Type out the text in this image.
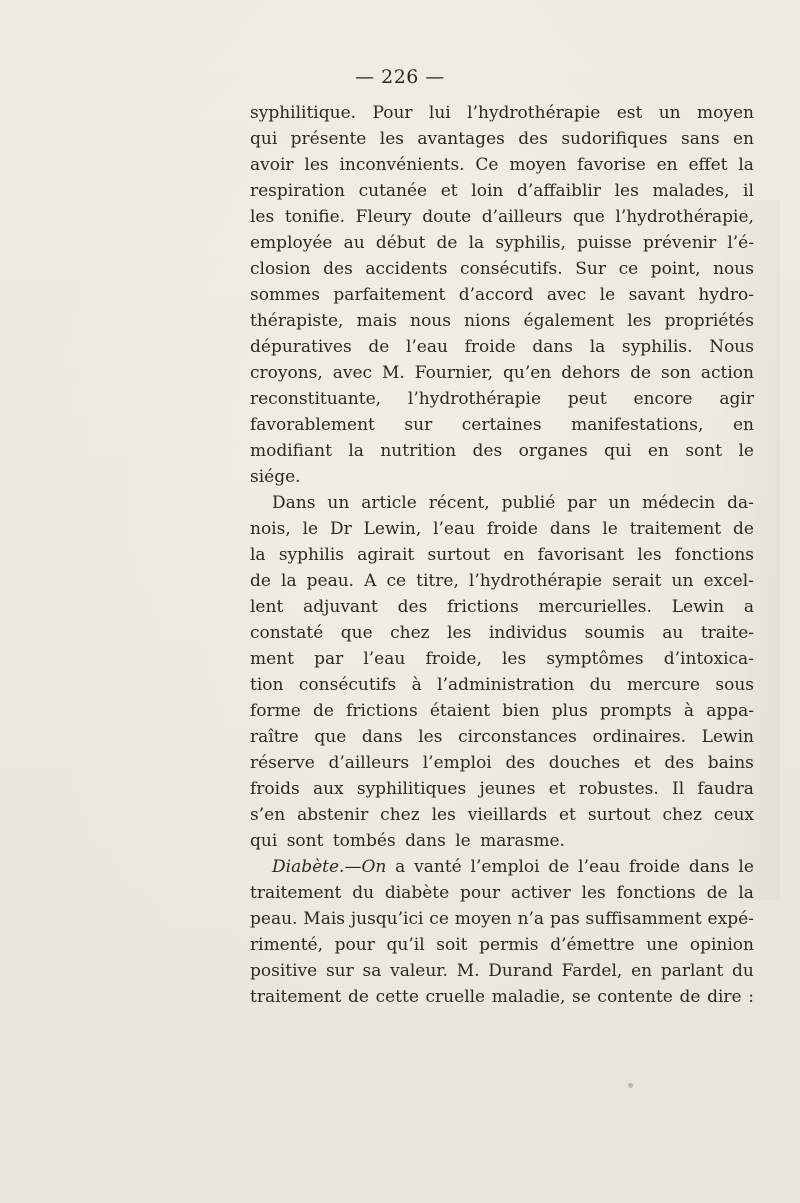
— 226 —
syphilitique. Pour lui l’hydrothérapie est un moyen
qui présente les avantages des sudorifiques sans en
avoir les inconvénients. Ce moyen favorise en effet la
respiration cutanée et loin d’affaiblir les malades, il
les tonifie. Fleury doute d’ailleurs que l’hydrothérapie,
employée au début de la syphilis, puisse prévenir l’é-
closion des accidents consécutifs. Sur ce point, nous
sommes parfaitement d’accord avec le savant hydro-
thérapiste, mais nous nions également les propriétés
dépuratives de l’eau froide dans la syphilis. Nous
croyons, avec M. Fournier, qu’en dehors de son action
reconstituante, l’hydrothérapie peut encore agir
favorablement sur certaines manifestations, en
modifiant la nutrition des organes qui en sont le
siége.
Dans un article récent, publié par un médecin da-
nois, le Dr Lewin, l’eau froide dans le traitement de
la syphilis agirait surtout en favorisant les fonctions
de la peau. A ce titre, l’hydrothérapie serait un excel-
lent adjuvant des frictions mercurielles. Lewin a
constaté que chez les individus soumis au traite-
ment par l’eau froide, les symptômes d’intoxica-
tion consécutifs à l’administration du mercure sous
forme de frictions étaient bien plus prompts à appa-
raître que dans les circonstances ordinaires. Lewin
réserve d’ailleurs l’emploi des douches et des bains
froids aux syphilitiques jeunes et robustes. Il faudra
s’en abstenir chez les vieillards et surtout chez ceux
qui
sont
tombés
dans
le
marasme.
Diabète.—On a vanté l’emploi de l’eau froide dans le
traitement du diabète pour activer les fonctions de la
peau. Mais jusqu’ici ce moyen n’a pas suffisamment expé-
rimenté, pour qu’il soit permis d’émettre une opinion
positive sur sa valeur. M. Durand Fardel, en parlant du
traitement de cette cruelle maladie, se contente de dire :
